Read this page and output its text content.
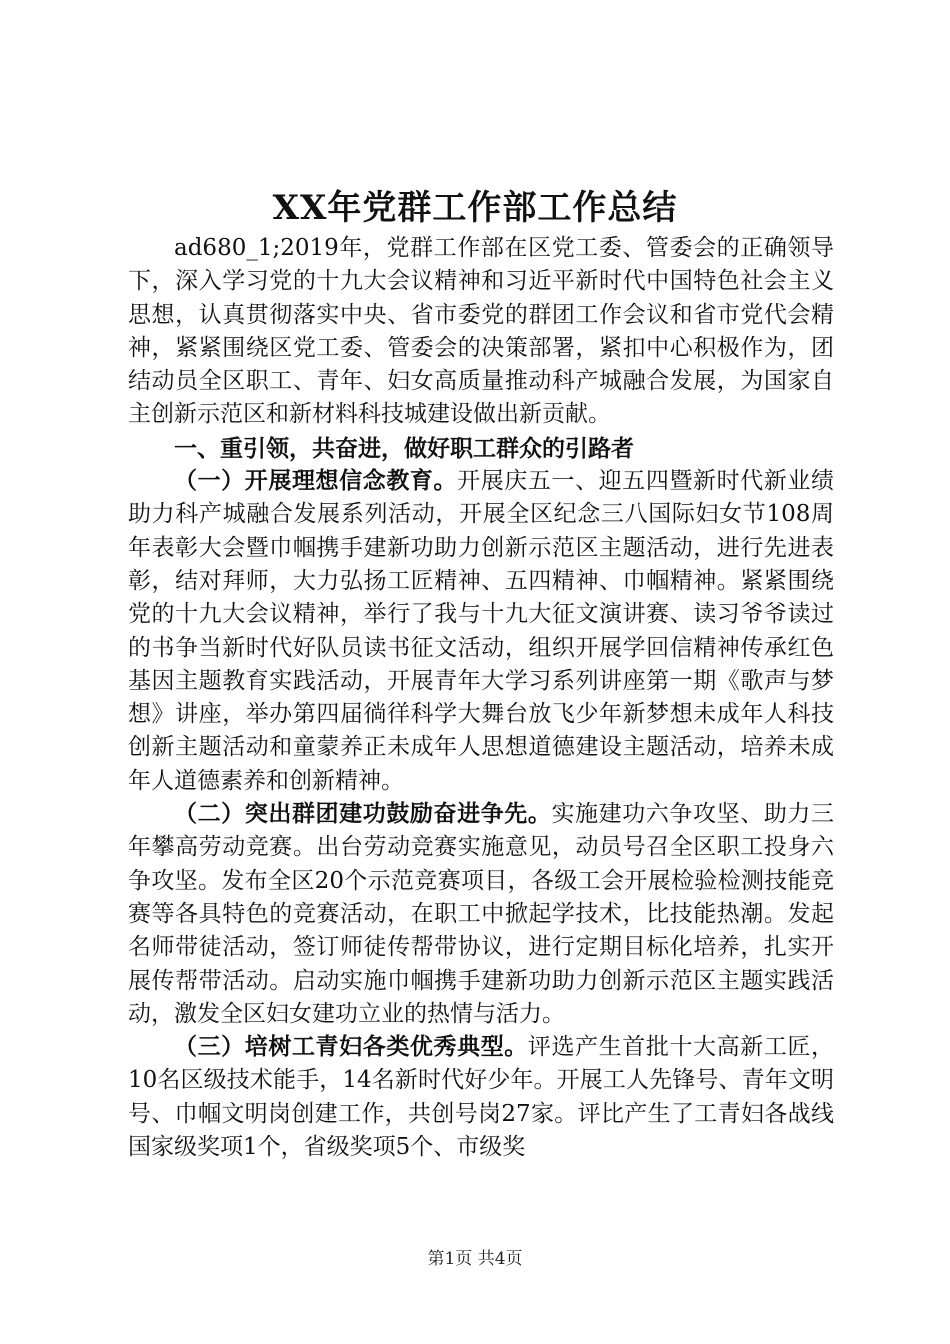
XX年党群工作部工作总结

ad680_1;2019年，党群工作部在区党工委、管委会的正确领导下，深入学习党的十九大会议精神和习近平新时代中国特色社会主义思想，认真贯彻落实中央、省市委党的群团工作会议和省市党代会精神，紧紧围绕区党工委、管委会的决策部署，紧扣中心积极作为，团结动员全区职工、青年、妇女高质量推动科产城融合发展，为国家自主创新示范区和新材料科技城建设做出新贡献。

一、重引领，共奋进，做好职工群众的引路者

（一）开展理想信念教育。开展庆五一、迎五四暨新时代新业绩助力科产城融合发展系列活动，开展全区纪念三八国际妇女节108周年表彰大会暨巾帼携手建新功助力创新示范区主题活动，进行先进表彰，结对拜师，大力弘扬工匠精神、五四精神、巾帼精神。紧紧围绕党的十九大会议精神，举行了我与十九大征文演讲赛、读习爷爷读过的书争当新时代好队员读书征文活动，组织开展学回信精神传承红色基因主题教育实践活动，开展青年大学习系列讲座第一期《歌声与梦想》讲座，举办第四届徜徉科学大舞台放飞少年新梦想未成年人科技创新主题活动和童蒙养正未成年人思想道德建设主题活动，培养未成年人道德素养和创新精神。

（二）突出群团建功鼓励奋进争先。实施建功六争攻坚、助力三年攀高劳动竞赛。出台劳动竞赛实施意见，动员号召全区职工投身六争攻坚。发布全区20个示范竞赛项目，各级工会开展检验检测技能竞赛等各具特色的竞赛活动，在职工中掀起学技术，比技能热潮。发起名师带徒活动，签订师徒传帮带协议，进行定期目标化培养，扎实开展传帮带活动。启动实施巾帼携手建新功助力创新示范区主题实践活动，激发全区妇女建功立业的热情与活力。

（三）培树工青妇各类优秀典型。评选产生首批十大高新工匠，10名区级技术能手，14名新时代好少年。开展工人先锋号、青年文明号、巾帼文明岗创建工作，共创号岗27家。评比产生了工青妇各战线国家级奖项1个，省级奖项5个、市级奖

第1页 共4页
